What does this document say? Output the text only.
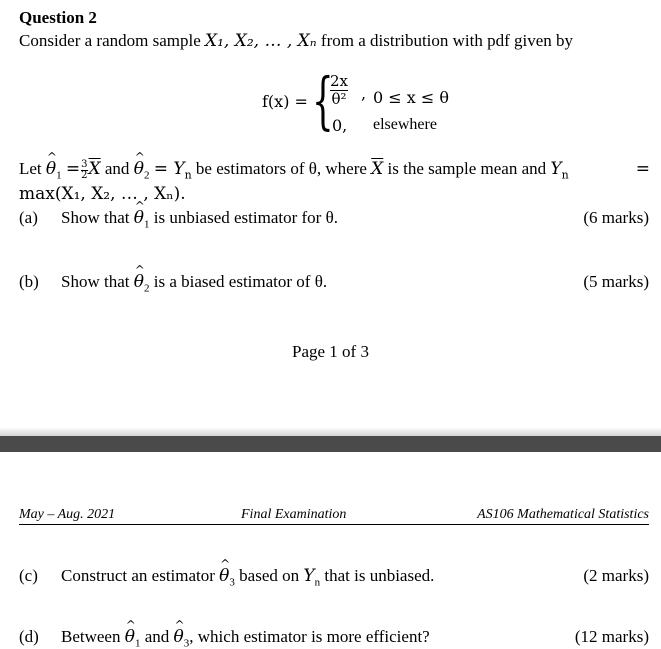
Question 2
Consider a random sample X₁, X₂, … , Xₙ from a distribution with pdf given by
f(x) = {
2x
θ² , 0 ≤ x ≤ θ
0, elsewhere
Let ^ $\theta_1 = \frac{3}{2} \overline{X}$ and ^ $\theta_2 = Y_n$ be estimators of θ, where $\overline{X}$ is the sample mean and $Y_n$	=
max(X₁, X₂, … , Xₙ).
(a) Show that ^ $\theta_1$ is unbiased estimator for θ.	(6 marks)
(b) Show that ^ $\theta_2$ is a biased estimator of θ.	(5 marks)
Page 1 of 3
May – Aug. 2021	Final Examination	AS106 Mathematical Statistics
(c) Construct an estimator ^ $\theta_3$ based on $Y_n$ that is unbiased.	(2 marks)
(d) Between ^ $\theta_1$ and ^ $\theta_3$, which estimator is more efficient?	(12 marks)
